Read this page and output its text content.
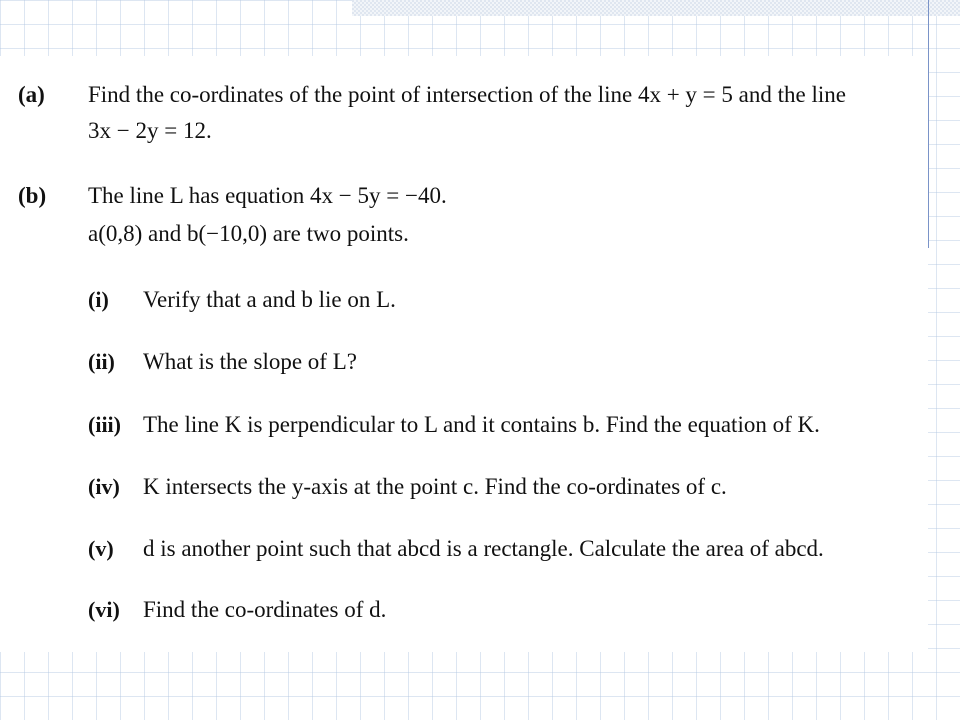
(a) Find the co-ordinates of the point of intersection of the line 4x + y = 5 and the line
3x − 2y = 12.
(b) The line L has equation 4x − 5y = −40.
a(0,8) and b(−10,0) are two points.
(i) Verify that a and b lie on L.
(ii) What is the slope of L?
(iii) The line K is perpendicular to L and it contains b. Find the equation of K.
(iv) K intersects the y-axis at the point c. Find the co-ordinates of c.
(v) d is another point such that abcd is a rectangle. Calculate the area of abcd.
(vi) Find the co-ordinates of d.
